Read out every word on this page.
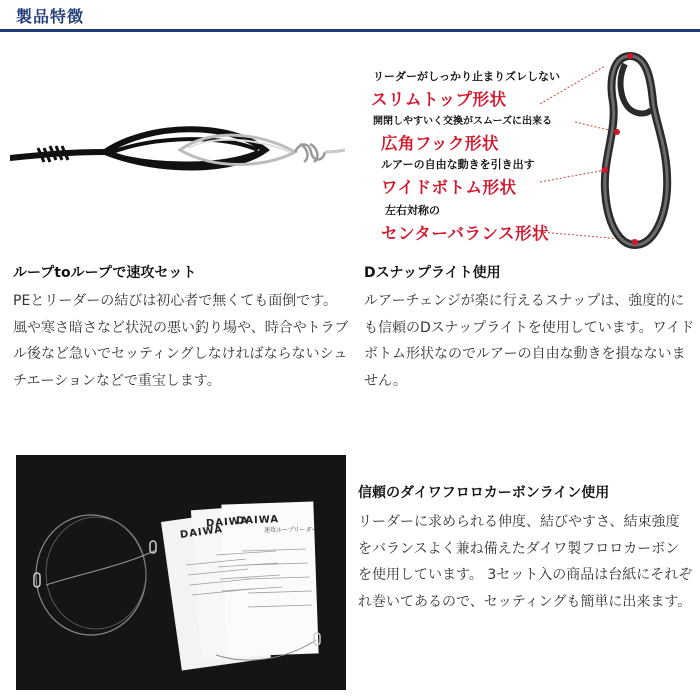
製品特徴
リーダーがしっかり止まりズレしない
スリムトップ形状
開閉しやすいく交換がスムーズに出来る
広角フック形状
ルアーの自由な動きを引き出す
ワイドボトム形状
左右対称の
センターバランス形状
ループtoループで速攻セット
PEとリーダーの結びは初心者で無くても面倒です。風や寒さ暗さなど状況の悪い釣り場や、時合やトラブル後など急いでセッティングしなければならないシュチエーションなどで重宝します。
Dスナップライト使用
ルアーチェンジが楽に行えるスナップは、強度的にも信頼のDスナップライトを使用しています。ワイドボトム形状なのでルアーの自由な動きを損なないません。
DAIWA
DAIWA
DAIWA
速攻ループリーダー
信頼のダイワフロロカーボンライン使用
リーダーに求められる伸度、結びやすさ、結束強度をバランスよく兼ね備えたダイワ製フロロカーボンを使用しています。 3セット入の商品は台紙にそれぞれ巻いてあるので、セッティングも簡単に出来ます。
